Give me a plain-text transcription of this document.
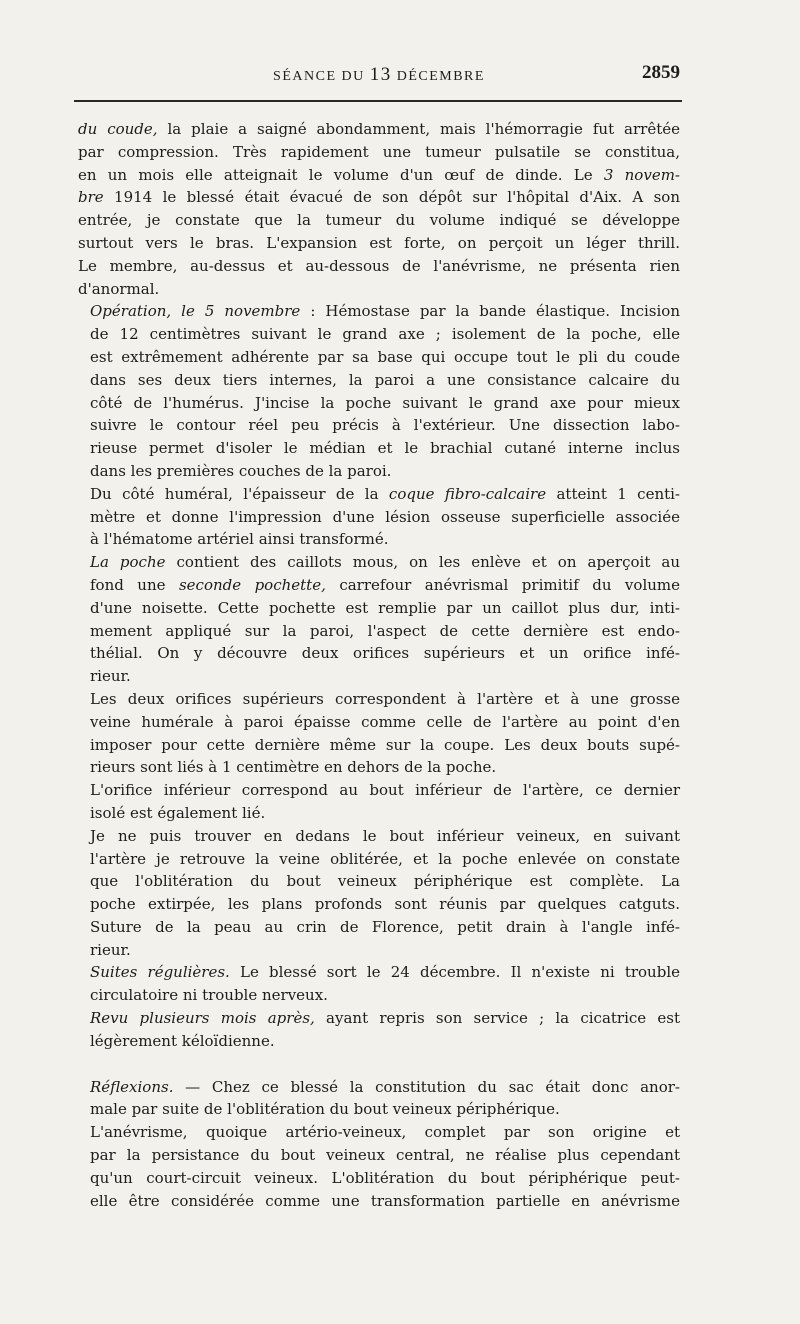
SÉANCE DU 13 DÉCEMBRE	2859

du coude, la plaie a saigné abondamment, mais l'hémorragie fut arrêtée
par compression. Très rapidement une tumeur pulsatile se constitua,
en un mois elle atteignait le volume d'un œuf de dinde. Le 3 novem-
bre 1914 le blessé était évacué de son dépôt sur l'hôpital d'Aix. A son
entrée, je constate que la tumeur du volume indiqué se développe
surtout vers le bras. L'expansion est forte, on perçoit un léger thrill.
Le membre, au-dessus et au-dessous de l'anévrisme, ne présenta rien
d'anormal.

Opération, le 5 novembre : Hémostase par la bande élastique. Incision
de 12 centimètres suivant le grand axe ; isolement de la poche, elle
est extrêmement adhérente par sa base qui occupe tout le pli du coude
dans ses deux tiers internes, la paroi a une consistance calcaire du
côté de l'humérus. J'incise la poche suivant le grand axe pour mieux
suivre le contour réel peu précis à l'extérieur. Une dissection labo-
rieuse permet d'isoler le médian et le brachial cutané interne inclus
dans les premières couches de la paroi.

Du côté huméral, l'épaisseur de la coque fibro-calcaire atteint 1 centi-
mètre et donne l'impression d'une lésion osseuse superficielle associée
à l'hématome artériel ainsi transformé.

La poche contient des caillots mous, on les enlève et on aperçoit au
fond une seconde pochette, carrefour anévrismal primitif du volume
d'une noisette. Cette pochette est remplie par un caillot plus dur, inti-
mement appliqué sur la paroi, l'aspect de cette dernière est endo-
thélial. On y découvre deux orifices supérieurs et un orifice infé-
rieur.

Les deux orifices supérieurs correspondent à l'artère et à une grosse
veine humérale à paroi épaisse comme celle de l'artère au point d'en
imposer pour cette dernière même sur la coupe. Les deux bouts supé-
rieurs sont liés à 1 centimètre en dehors de la poche.

L'orifice inférieur correspond au bout inférieur de l'artère, ce dernier
isolé est également lié.

Je ne puis trouver en dedans le bout inférieur veineux, en suivant
l'artère je retrouve la veine oblitérée, et la poche enlevée on constate
que l'oblitération du bout veineux périphérique est complète. La
poche extirpée, les plans profonds sont réunis par quelques catguts.
Suture de la peau au crin de Florence, petit drain à l'angle infé-
rieur.

Suites régulières. Le blessé sort le 24 décembre. Il n'existe ni trouble
circulatoire ni trouble nerveux.

Revu plusieurs mois après, ayant repris son service ; la cicatrice est
légèrement kéloïdienne.

Réflexions. — Chez ce blessé la constitution du sac était donc anor-
male par suite de l'oblitération du bout veineux périphérique.

L'anévrisme, quoique artério-veineux, complet par son origine et
par la persistance du bout veineux central, ne réalise plus cependant
qu'un court-circuit veineux. L'oblitération du bout périphérique peut-
elle être considérée comme une transformation partielle en anévrisme
